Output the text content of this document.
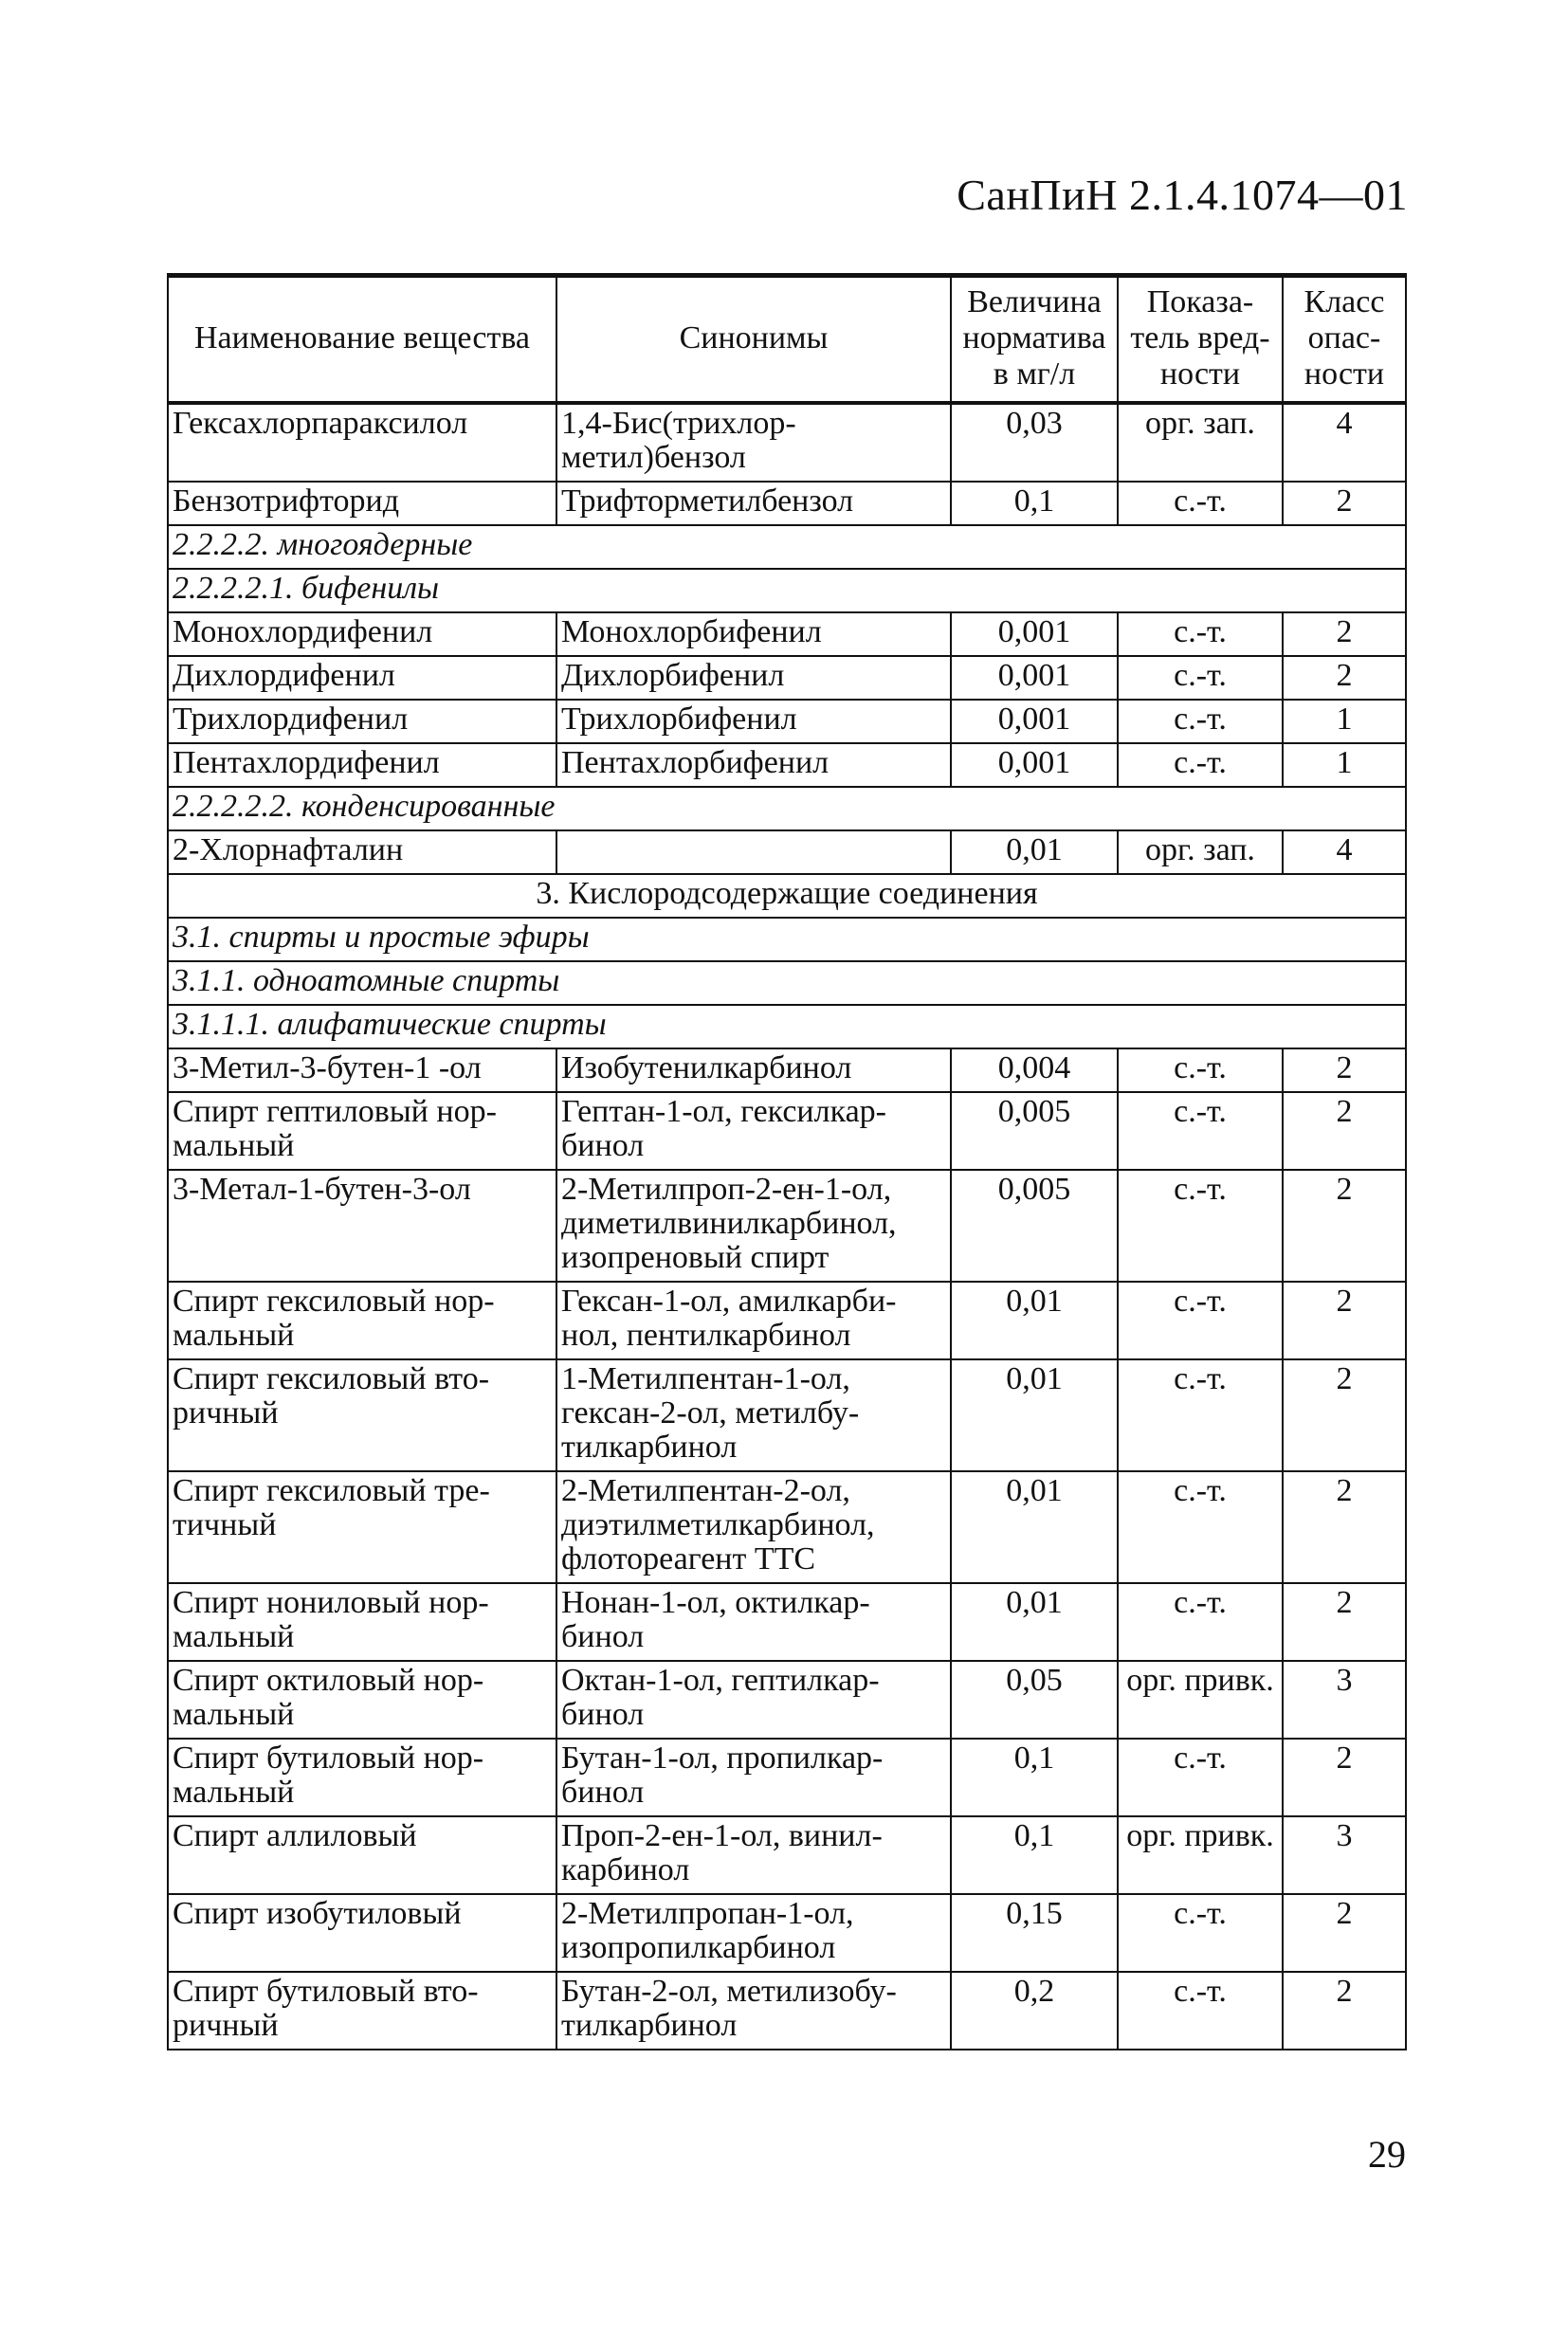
СанПиН 2.1.4.1074—01
Наименование вещества	Синонимы	Величина норматива в мг/л	Показа-тель вред-ности	Класс опас-ности
Гексахлорпараксилол	1,4-Бис(трихлор-метил)бензол	0,03	орг. зап.	4
Бензотрифторид	Трифторметилбензол	0,1	с.-т.	2
2.2.2.2. многоядерные				
2.2.2.2.1. бифенилы				
Монохлордифенил	Монохлорбифенил	0,001	с.-т.	2
Дихлордифенил	Дихлорбифенил	0,001	с.-т.	2
Трихлордифенил	Трихлорбифенил	0,001	с.-т.	1
Пентахлордифенил	Пентахлорбифенил	0,001	с.-т.	1
2.2.2.2.2. конденсированные				
2-Хлорнафталин		0,01	орг. зап.	4
3. Кислородсодержащие соединения				
3.1. спирты и простые эфиры				
3.1.1. одноатомные спирты				
3.1.1.1. алифатические спирты				
3-Метил-3-бутен-1 -ол	Изобутенилкарбинол	0,004	с.-т.	2
Спирт гептиловый нор-мальный	Гептан-1-ол, гексилкар-бинол	0,005	с.-т.	2
3-Метал-1-бутен-3-ол	2-Метилпроп-2-ен-1-ол, диметилвинилкарбинол, изопреновый спирт	0,005	с.-т.	2
Спирт гексиловый нор-мальный	Гексан-1-ол, амилкарби-нол, пентилкарбинол	0,01	с.-т.	2
Спирт гексиловый вто-ричный	1-Метилпентан-1-ол, гексан-2-ол, метилбу-тилкарбинол	0,01	с.-т.	2
Спирт гексиловый тре-тичный	2-Метилпентан-2-ол, диэтилметилкарбинол, флотореагент ТТС	0,01	с.-т.	2
Спирт нониловый нор-мальный	Нонан-1-ол, октилкар-бинол	0,01	с.-т.	2
Спирт октиловый нор-мальный	Октан-1-ол, гептилкар-бинол	0,05	орг. привк.	3
Спирт бутиловый нор-мальный	Бутан-1-ол, пропилкар-бинол	0,1	с.-т.	2
Спирт аллиловый	Проп-2-ен-1-ол, винил-карбинол	0,1	орг. привк.	3
Спирт изобутиловый	2-Метилпропан-1-ол, изопропилкарбинол	0,15	с.-т.	2
Спирт бутиловый вто-ричный	Бутан-2-ол, метилизобу-тилкарбинол	0,2	с.-т.	2
29
